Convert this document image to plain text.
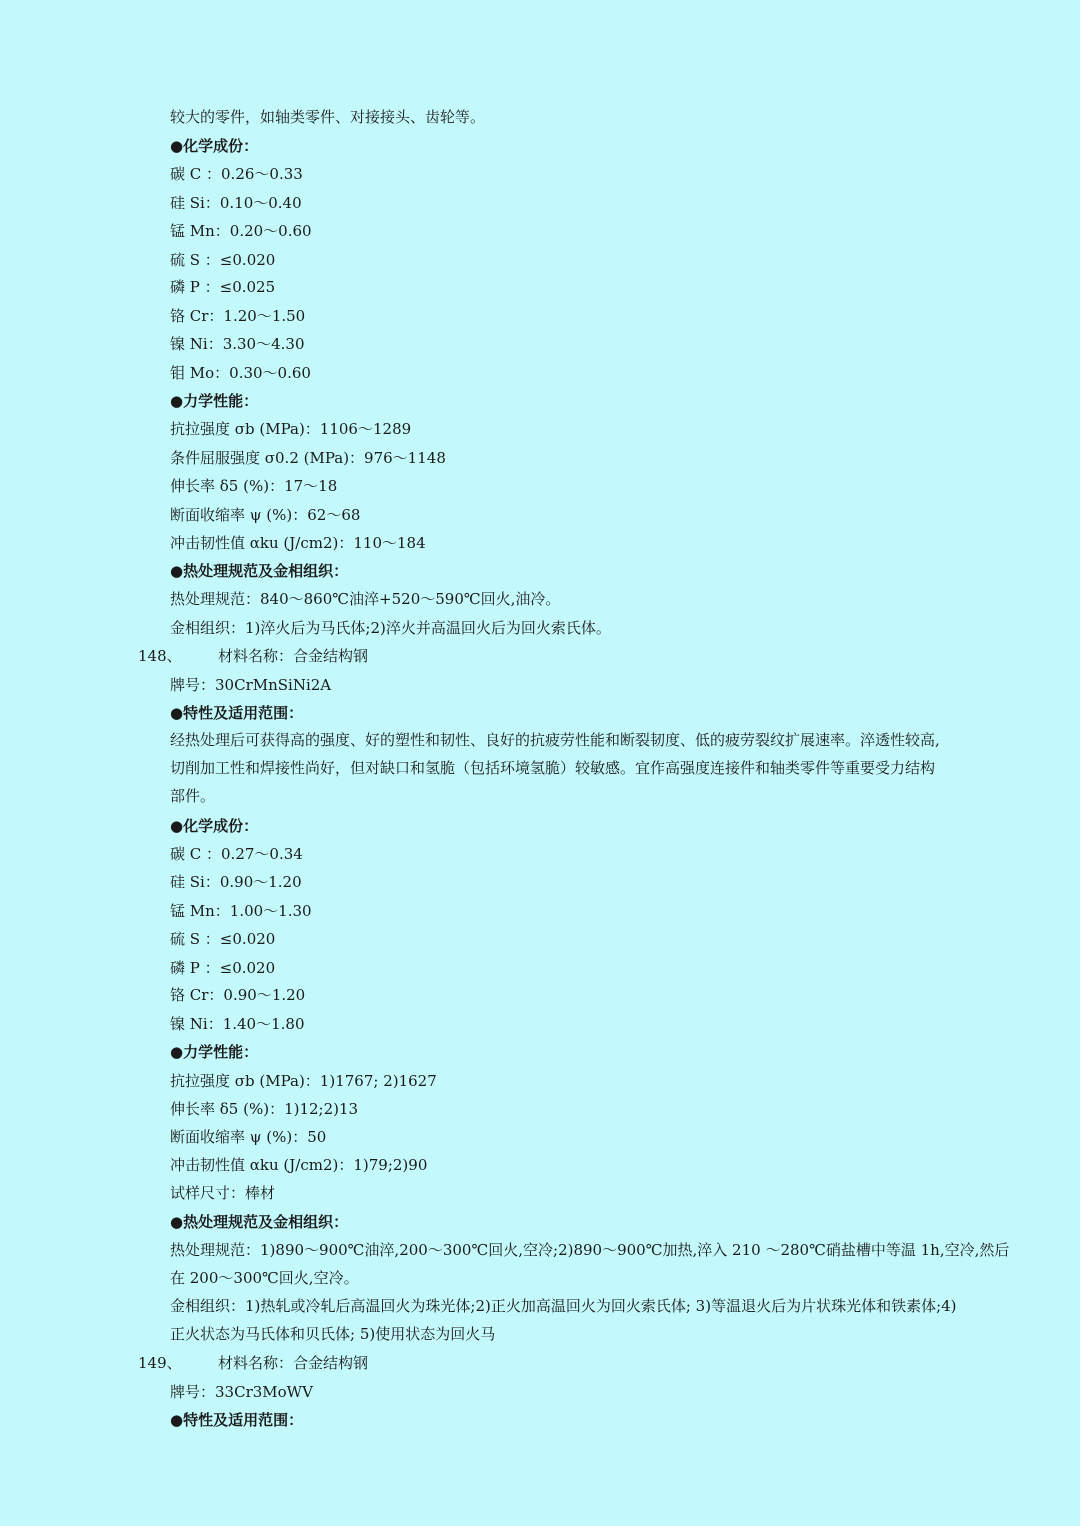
较大的零件，如轴类零件、对接接头、齿轮等。
●化学成份：
碳 C ：0.26～0.33
硅 Si：0.10～0.40
锰 Mn：0.20～0.60
硫 S ：≤0.020
磷 P ：≤0.025
铬 Cr：1.20～1.50
镍 Ni：3.30～4.30
钼 Mo：0.30～0.60
●力学性能：
抗拉强度 σb (MPa)：1106～1289
条件屈服强度 σ0.2 (MPa)：976～1148
伸长率 δ5 (%)：17～18
断面收缩率 ψ (%)：62～68
冲击韧性值 αku (J/cm2)：110～184
●热处理规范及金相组织：
热处理规范：840～860℃油淬+520～590℃回火,油冷。
金相组织：1)淬火后为马氏体;2)淬火并高温回火后为回火索氏体。
148、 材料名称：合金结构钢
牌号：30CrMnSiNi2A
●特性及适用范围：
经热处理后可获得高的强度、好的塑性和韧性、良好的抗疲劳性能和断裂韧度、低的疲劳裂纹扩展速率。淬透性较高,
切削加工性和焊接性尚好，但对缺口和氢脆（包括环境氢脆）较敏感。宜作高强度连接件和轴类零件等重要受力结构
部件。
●化学成份：
碳 C ：0.27～0.34
硅 Si：0.90～1.20
锰 Mn：1.00～1.30
硫 S ：≤0.020
磷 P ：≤0.020
铬 Cr：0.90～1.20
镍 Ni：1.40～1.80
●力学性能：
抗拉强度 σb (MPa)：1)1767; 2)1627
伸长率 δ5 (%)：1)12;2)13
断面收缩率 ψ (%)：50
冲击韧性值 αku (J/cm2)：1)79;2)90
试样尺寸：棒材
●热处理规范及金相组织：
热处理规范：1)890～900℃油淬,200～300℃回火,空冷;2)890～900℃加热,淬入 210 ～280℃硝盐槽中等温 1h,空冷,然后
在 200～300℃回火,空冷。
金相组织：1)热轧或冷轧后高温回火为珠光体;2)正火加高温回火为回火索氏体; 3)等温退火后为片状珠光体和铁素体;4)
正火状态为马氏体和贝氏体; 5)使用状态为回火马
149、 材料名称：合金结构钢
牌号：33Cr3MoWV
●特性及适用范围：
